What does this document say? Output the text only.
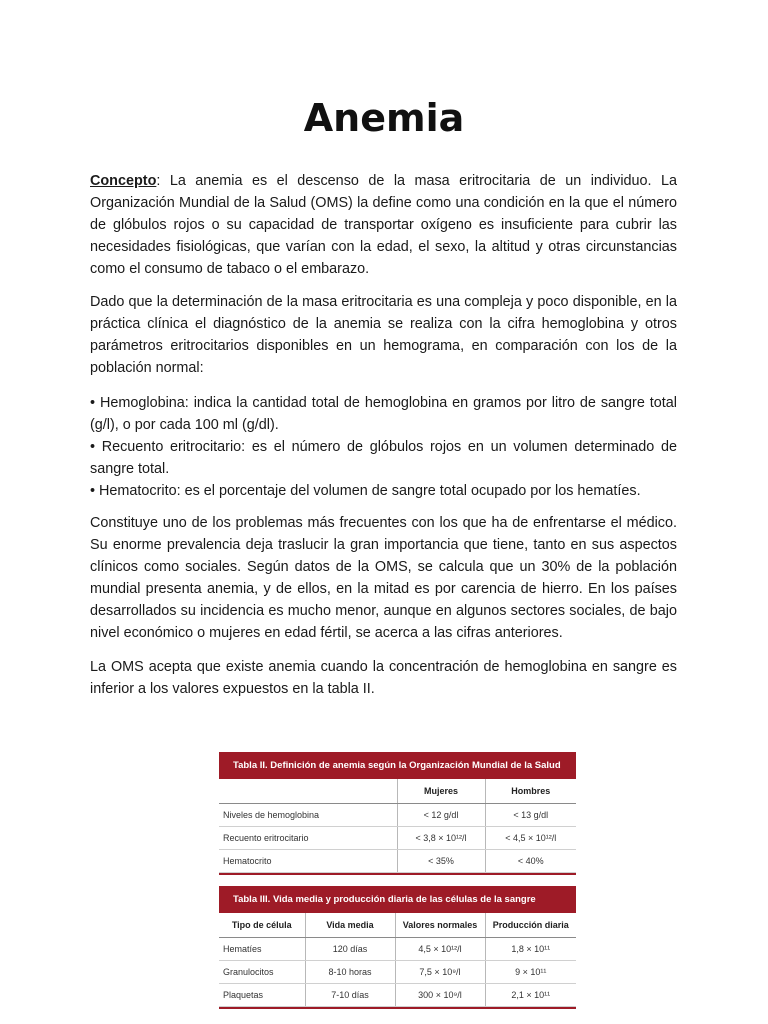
Anemia

Concepto: La anemia es el descenso de la masa eritrocitaria de un individuo. La Organización Mundial de la Salud (OMS) la define como una condición en la que el número de glóbulos rojos o su capacidad de transportar oxígeno es insuficiente para cubrir las necesidades fisiológicas, que varían con la edad, el sexo, la altitud y otras circunstancias como el consumo de tabaco o el embarazo.

Dado que la determinación de la masa eritrocitaria es una compleja y poco disponible, en la práctica clínica el diagnóstico de la anemia se realiza con la cifra hemoglobina y otros parámetros eritrocitarios disponibles en un hemograma, en comparación con los de la población normal:

• Hemoglobina: indica la cantidad total de hemoglobina en gramos por litro de sangre total (g/l), o por cada 100 ml (g/dl).

• Recuento eritrocitario: es el número de glóbulos rojos en un volumen determinado de sangre total.

• Hematocrito: es el porcentaje del volumen de sangre total ocupado por los hematíes.

Constituye uno de los problemas más frecuentes con los que ha de enfrentarse el médico. Su enorme prevalencia deja traslucir la gran importancia que tiene, tanto en sus aspectos clínicos como sociales. Según datos de la OMS, se calcula que un 30% de la población mundial presenta anemia, y de ellos, en la mitad es por carencia de hierro. En los países desarrollados su incidencia es mucho menor, aunque en algunos sectores sociales, de bajo nivel económico o mujeres en edad fértil, se acerca a las cifras anteriores.

La OMS acepta que existe anemia cuando la concentración de hemoglobina en sangre es inferior a los valores expuestos en la tabla II.

Tabla II. Definición de anemia según la Organización Mundial de la Salud
	Mujeres	Hombres
Niveles de hemoglobina	< 12 g/dl	< 13 g/dl
Recuento eritrocitario	< 3,8 × 10¹²/l	< 4,5 × 10¹²/l
Hematocrito	< 35%	< 40%
Tabla III. Vida media y producción diaria de las células de la sangre
Tipo de célula	Vida media	Valores normales	Producción diaria
Hematíes	120 días	4,5 × 10¹²/l	1,8 × 10¹¹
Granulocitos	8-10 horas	7,5 × 10⁹/l	9 × 10¹¹
Plaquetas	7-10 días	300 × 10⁹/l	2,1 × 10¹¹
